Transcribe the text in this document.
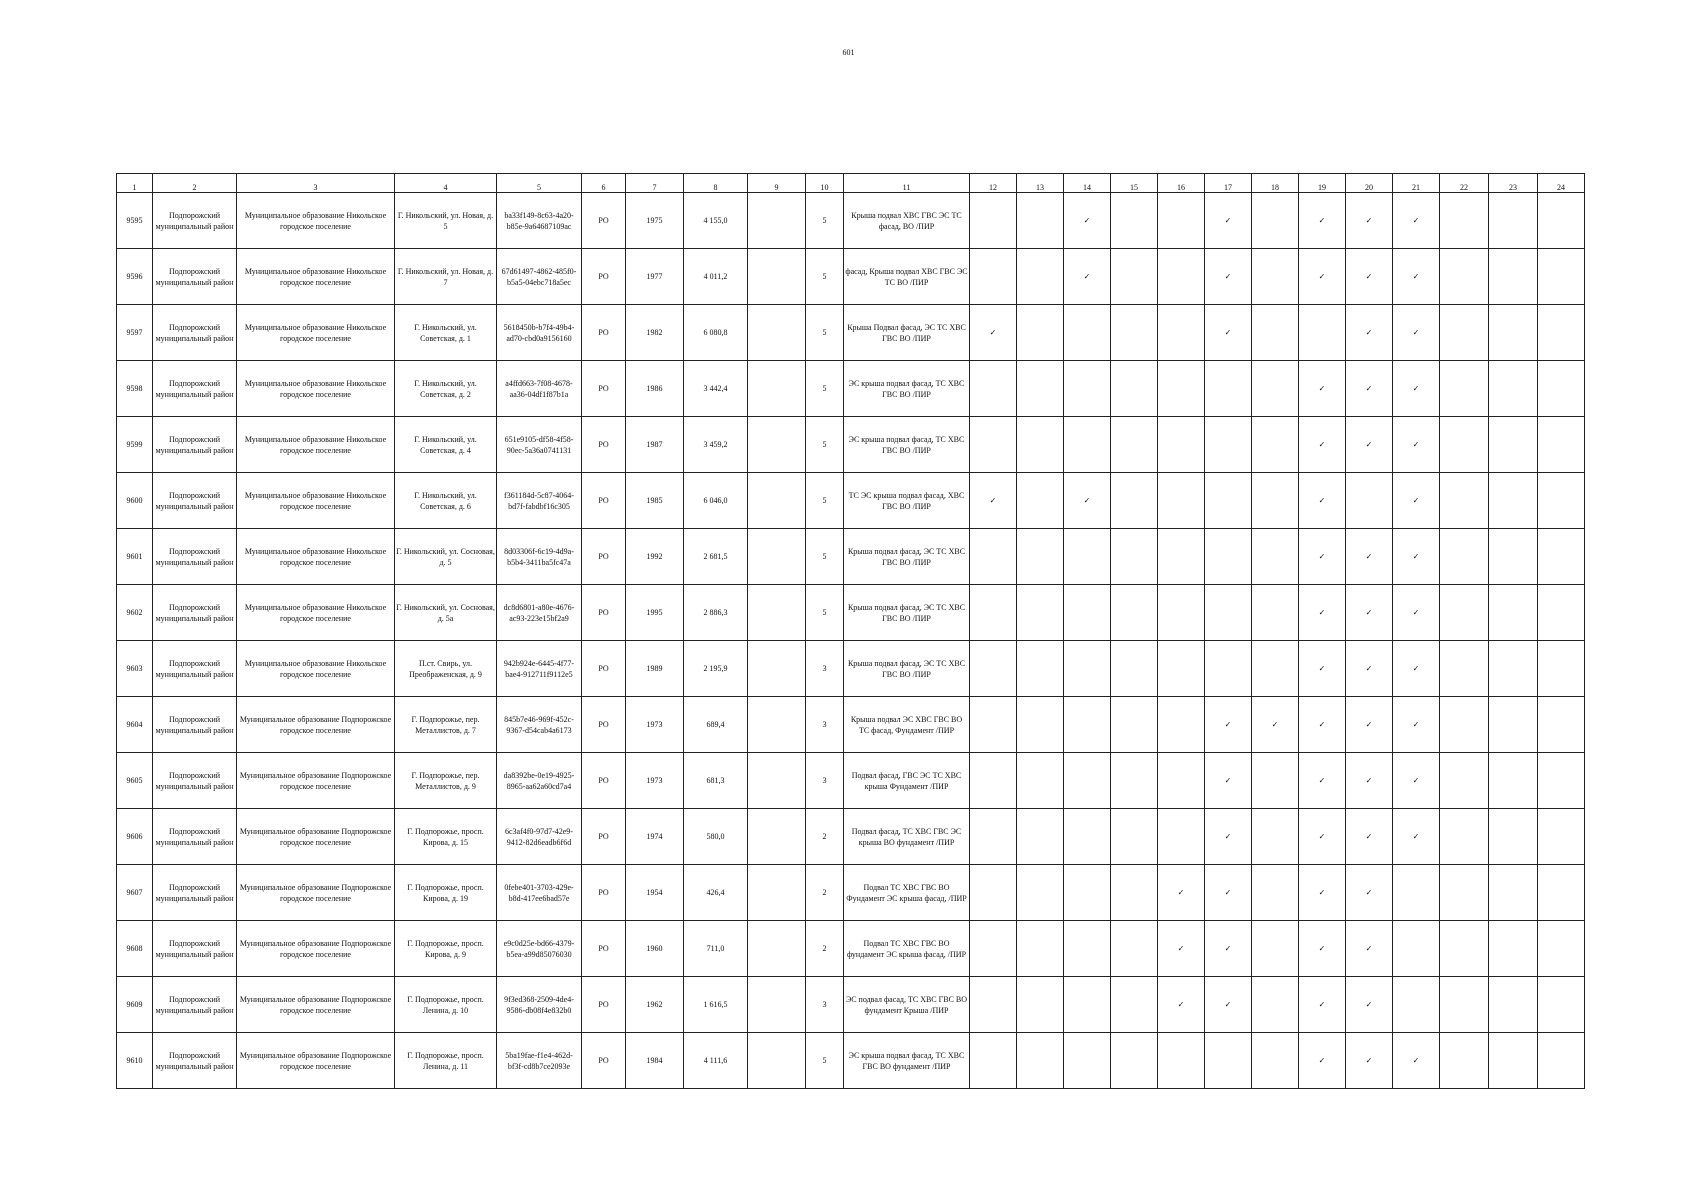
601
1	2	3	4	5	6	7	8	9	10	11	12	13	14	15	16	17	18	19	20	21	22	23	24
9595	Подпорожский муниципальный район	Муниципальное образование Никольское городское поселение	Г. Никольский, ул. Новая, д. 5	ba33f149-8c63-4a20-b85e-9a64687109ac	РО	1975	4 155,0		5	Крыша подвал ХВС ГВС ЭС ТС фасад, ВО /ПИР			✓			✓		✓	✓	✓			
9596	Подпорожский муниципальный район	Муниципальное образование Никольское городское поселение	Г. Никольский, ул. Новая, д. 7	67d61497-4862-485f0-b5a5-04ebc718a5ec	РО	1977	4 011,2		5	фасад, Крыша подвал ХВС ГВС ЭС ТС ВО /ПИР			✓			✓		✓	✓	✓			
9597	Подпорожский муниципальный район	Муниципальное образование Никольское городское поселение	Г. Никольский, ул. Советская, д. 1	5618450b-b7f4-49b4-ad70-cbd0a9156160	РО	1982	6 080,8		5	Крыша Подвал фасад, ЭС ТС ХВС ГВС ВО /ПИР	✓					✓			✓	✓			
9598	Подпорожский муниципальный район	Муниципальное образование Никольское городское поселение	Г. Никольский, ул. Советская, д. 2	a4ffd663-7f08-4678-aa36-04df1f87b1a	РО	1986	3 442,4		5	ЭС крыша подвал фасад, ТС ХВС ГВС ВО /ПИР								✓	✓	✓			
9599	Подпорожский муниципальный район	Муниципальное образование Никольское городское поселение	Г. Никольский, ул. Советская, д. 4	651e9105-df58-4f58-90ec-5a36a0741131	РО	1987	3 459,2		5	ЭС крыша подвал фасад, ТС ХВС ГВС ВО /ПИР								✓	✓	✓			
9600	Подпорожский муниципальный район	Муниципальное образование Никольское городское поселение	Г. Никольский, ул. Советская, д. 6	f361184d-5c87-4064-bd7f-fabdbf16c305	РО	1985	6 046,0		5	ТС ЭС крыша подвал фасад, ХВС ГВС ВО /ПИР	✓		✓					✓		✓			
9601	Подпорожский муниципальный район	Муниципальное образование Никольское городское поселение	Г. Никольский, ул. Сосновая, д. 5	8d03306f-6c19-4d9a-b5b4-3411ba5fc47a	РО	1992	2 681,5		5	Крыша подвал фасад, ЭС ТС ХВС ГВС ВО /ПИР								✓	✓	✓			
9602	Подпорожский муниципальный район	Муниципальное образование Никольское городское поселение	Г. Никольский, ул. Сосновая, д. 5а	dc8d6801-a80e-4676-ac93-223e15bf2a9	РО	1995	2 886,3		5	Крыша подвал фасад, ЭС ТС ХВС ГВС ВО /ПИР								✓	✓	✓			
9603	Подпорожский муниципальный район	Муниципальное образование Никольское городское поселение	П.ст. Свирь, ул. Преображенская, д. 9	942b924e-6445-4f77-bae4-912711f9112e5	РО	1989	2 195,9		3	Крыша подвал фасад, ЭС ТС ХВС ГВС ВО /ПИР								✓	✓	✓			
9604	Подпорожский муниципальный район	Муниципальное образование Подпорожское городское поселение	Г. Подпорожье, пер. Металлистов, д. 7	845b7e46-969f-452c-9367-d54cab4a6173	РО	1973	689,4		3	Крыша подвал ЭС ХВС ГВС ВО ТС фасад, Фундамент /ПИР						✓	✓	✓	✓	✓			
9605	Подпорожский муниципальный район	Муниципальное образование Подпорожское городское поселение	Г. Подпорожье, пер. Металлистов, д. 9	da8392be-0e19-4925-8965-aa62a60cd7a4	РО	1973	681,3		3	Подвал фасад, ГВС ЭС ТС ХВС крыша Фундамент /ПИР						✓		✓	✓	✓			
9606	Подпорожский муниципальный район	Муниципальное образование Подпорожское городское поселение	Г. Подпорожье, просп. Кирова, д. 15	6c3af4f0-97d7-42e9-9412-82d6eadb6f6d	РО	1974	580,0		2	Подвал фасад, ТС ХВС ГВС ЭС крыша ВО фундамент /ПИР						✓		✓	✓	✓			
9607	Подпорожский муниципальный район	Муниципальное образование Подпорожское городское поселение	Г. Подпорожье, просп. Кирова, д. 19	0febe401-3703-429e-b8d-417ee6bad57e	РО	1954	426,4		2	Подвал ТС ХВС ГВС ВО Фундамент ЭС крыша фасад, /ПИР					✓	✓		✓	✓				
9608	Подпорожский муниципальный район	Муниципальное образование Подпорожское городское поселение	Г. Подпорожье, просп. Кирова, д. 9	e9c0d25e-bd66-4379-b5ea-a99d85076030	РО	1960	711,0		2	Подвал ТС ХВС ГВС ВО фундамент ЭС крыша фасад, /ПИР					✓	✓		✓	✓				
9609	Подпорожский муниципальный район	Муниципальное образование Подпорожское городское поселение	Г. Подпорожье, просп. Ленина, д. 10	9f3ed368-2509-4de4-9586-db08f4e832b0	РО	1962	1 616,5		3	ЭС подвал фасад, ТС ХВС ГВС ВО фундамент Крыша /ПИР					✓	✓		✓	✓				
9610	Подпорожский муниципальный район	Муниципальное образование Подпорожское городское поселение	Г. Подпорожье, просп. Ленина, д. 11	5ba19fae-f1e4-462d-bf3f-cd8b7ce2093e	РО	1984	4 111,6		5	ЭС крыша подвал фасад, ТС ХВС ГВС ВО фундамент /ПИР								✓	✓	✓			
